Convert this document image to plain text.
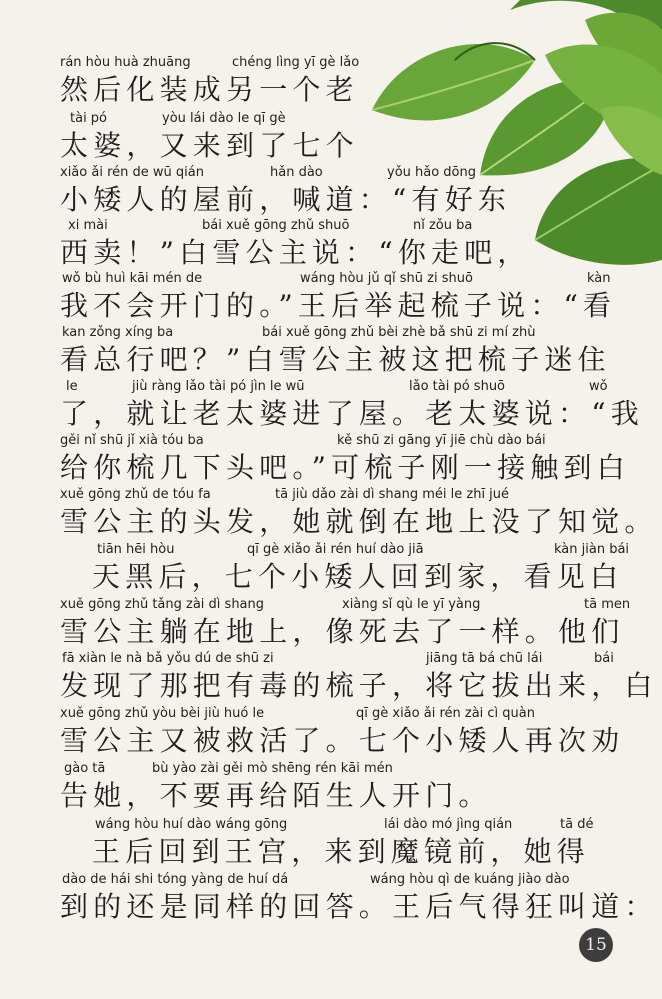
rán hòu huà zhuāng	chéng lìng yī gè lǎo
然后化装成另一个老
tài pó	yòu lái dào le qī gè
太婆，又来到了七个
xiǎo ǎi rén de wū qián	hǎn dào	yǒu hǎo dōng
小矮人的屋前，喊道：“有好东
xi mài	bái xuě gōng zhǔ shuō	nǐ zǒu ba
西卖！”白雪公主说：“你走吧，
wǒ bù huì kāi mén de	wáng hòu jǔ qǐ shū zi shuō	kàn
我不会开门的。”王后举起梳子说：“看
kan zǒng xíng ba	bái xuě gōng zhǔ bèi zhè bǎ shū zi mí zhù
看总行吧？”白雪公主被这把梳子迷住
le	jiù ràng lǎo tài pó jìn le wū	lǎo tài pó shuō	wǒ
了，就让老太婆进了屋。老太婆说：“我
gěi nǐ shū jǐ xià tóu ba	kě shū zi gāng yī jiē chù dào bái
给你梳几下头吧。”可梳子刚一接触到白
xuě gōng zhǔ de tóu fa	tā jiù dǎo zài dì shang méi le zhī jué
雪公主的头发，她就倒在地上没了知觉。
tiān hēi hòu	qī gè xiǎo ǎi rén huí dào jiā	kàn jiàn bái
天黑后，七个小矮人回到家，看见白
xuě gōng zhǔ tǎng zài dì shang	xiàng sǐ qù le yī yàng	tā men
雪公主躺在地上，像死去了一样。他们
fā xiàn le nà bǎ yǒu dú de shū zi	jiāng tā bá chū lái	bái
发现了那把有毒的梳子，将它拔出来，白
xuě gōng zhǔ yòu bèi jiù huó le	qī gè xiǎo ǎi rén zài cì quàn
雪公主又被救活了。七个小矮人再次劝
gào tā	bù yào zài gěi mò shēng rén kāi mén
告她，不要再给陌生人开门。
wáng hòu huí dào wáng gōng	lái dào mó jìng qián	tā dé
王后回到王宫，来到魔镜前，她得
dào de hái shi tóng yàng de huí dá	wáng hòu qì de kuáng jiào dào
到的还是同样的回答。王后气得狂叫道：
15
